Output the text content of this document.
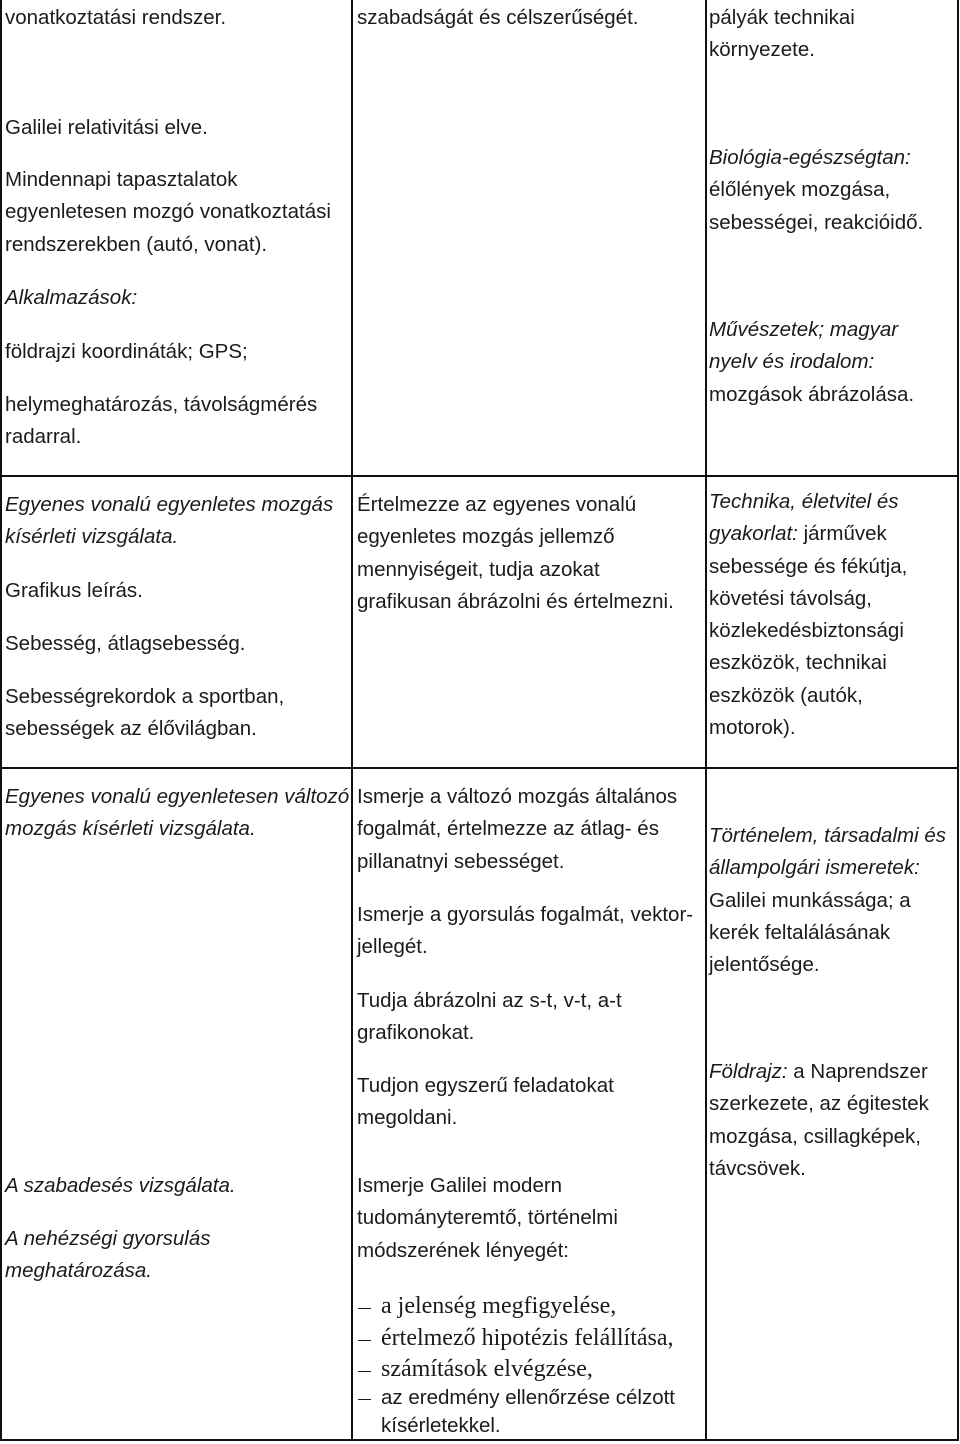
vonatkoztatási rendszer.
Galilei relativitási elve.
Mindennapi tapasztalatok
egyenletesen mozgó vonatkoztatási
rendszerekben (autó, vonat).
Alkalmazások:
földrajzi koordináták; GPS;
helymeghatározás, távolságmérés
radarral.
szabadságát és célszerűségét.	pályák technikai
környezete.
Biológia-egészségtan:
élőlények mozgása,
sebességei, reakcióidő.
Művészetek; magyar
nyelv és irodalom:
mozgások ábrázolása.
Egyenes vonalú egyenletes mozgás
kísérleti vizsgálata.
Grafikus leírás.
Sebesség, átlagsebesség.
Sebességrekordok a sportban,
sebességek az élővilágban.
Értelmezze az egyenes vonalú
egyenletes mozgás jellemző
mennyiségeit, tudja azokat
grafikusan ábrázolni és értelmezni.
Technika, életvitel és
gyakorlat: járművek
sebessége és fékútja,
követési távolság,
közlekedésbiztonsági
eszközök, technikai
eszközök (autók,
motorok).
Egyenes vonalú egyenletesen változó
mozgás kísérleti vizsgálata.
A szabadesés vizsgálata.
A nehézségi gyorsulás
meghatározása.
Ismerje a változó mozgás általános
fogalmát, értelmezze az átlag- és
pillanatnyi sebességet.
Ismerje a gyorsulás fogalmát, vektor-
jellegét.
Tudja ábrázolni az s-t, v-t, a-t
grafikonokat.
Tudjon egyszerű feladatokat
megoldani.
Ismerje Galilei modern
tudományteremtő, történelmi
módszerének lényegét:
a jelenség megfigyelése,
értelmező hipotézis felállítása,
számítások elvégzése,
az eredmény ellenőrzése célzott
kísérletekkel.
Történelem, társadalmi és
állampolgári ismeretek:
Galilei munkássága; a
kerék feltalálásának
jelentősége.
Földrajz: a Naprendszer
szerkezete, az égitestek
mozgása, csillagképek,
távcsövek.
